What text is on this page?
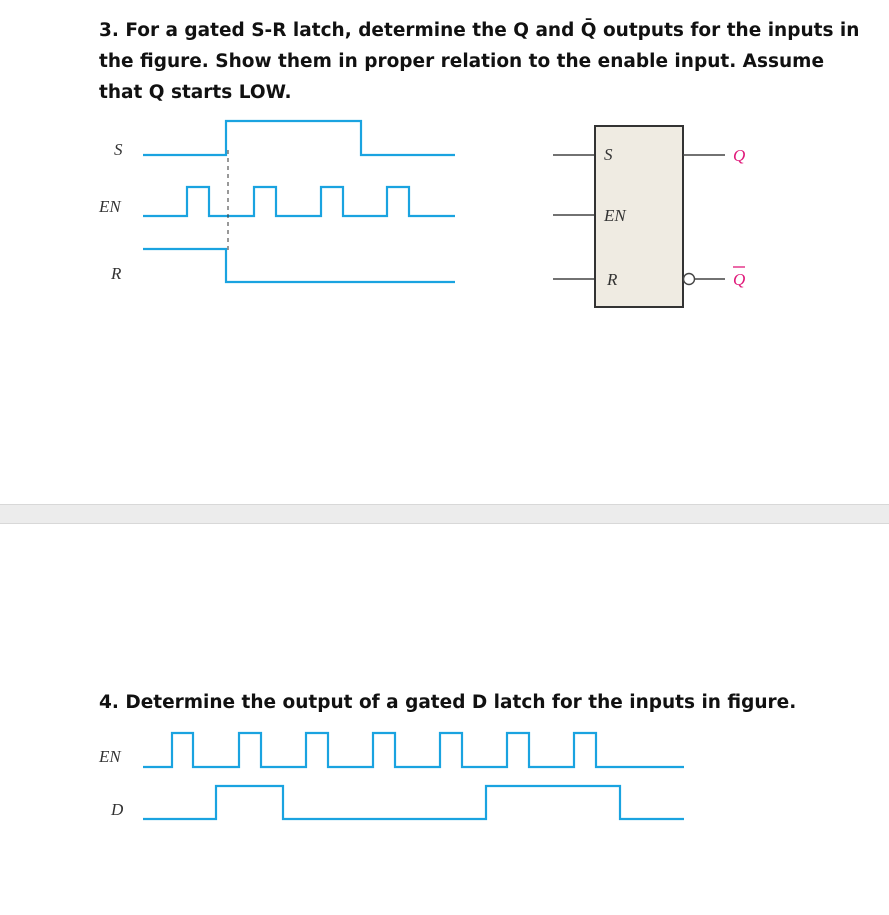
3. For a gated S-R latch, determine the Q and Q̄ outputs for the inputs in the figure. Show them in proper relation to the enable input. Assume that Q starts LOW.

S
EN
R

4. Determine the output of a gated D latch for the inputs in figure.

EN
D
S
EN
R
Q
Q
